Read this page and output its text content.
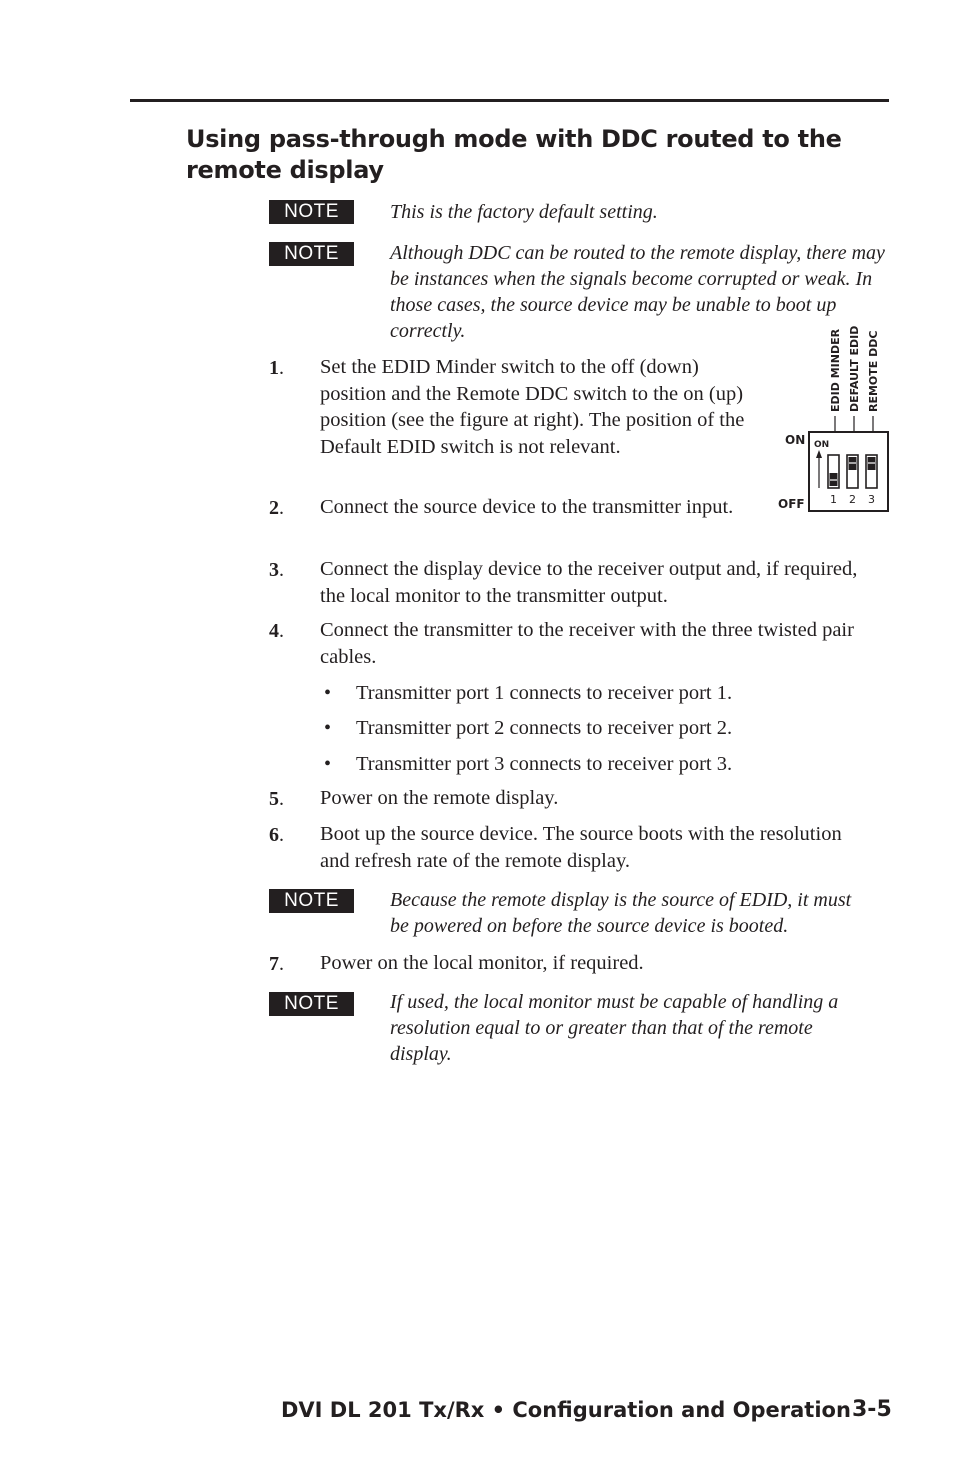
Using pass-through mode with DDC routed to the remote display
NOTE	This is the factory default setting.

NOTE	Although DDC can be routed to the remote display, there may be instances when the signals become corrupted or weak. In those cases, the source device may be unable to boot up correctly.

1. Set the EDID Minder switch to the off (down) position and the Remote DDC switch to the on (up) position (see the figure at right). The position of the Default EDID switch is not relevant.

2. Connect the source device to the transmitter input.

3. Connect the display device to the receiver output and, if required, the local monitor to the transmitter output.

4. Connect the transmitter to the receiver with the three twisted pair cables.

• Transmitter port 1 connects to receiver port 1.

• Transmitter port 2 connects to receiver port 2.

• Transmitter port 3 connects to receiver port 3.

5. Power on the remote display.

6. Boot up the source device. The source boots with the resolution and refresh rate of the remote display.

NOTE	Because the remote display is the source of EDID, it must be powered on before the source device is booted.

7. Power on the local monitor, if required.

NOTE	If used, the local monitor must be capable of handling a resolution equal to or greater than that of the remote display.

EDID MINDER DEFAULT EDID REMOTE DDC
ON
OFF
ON
1 2 3
DVI DL 201 Tx/Rx • Configuration and Operation 3-5
